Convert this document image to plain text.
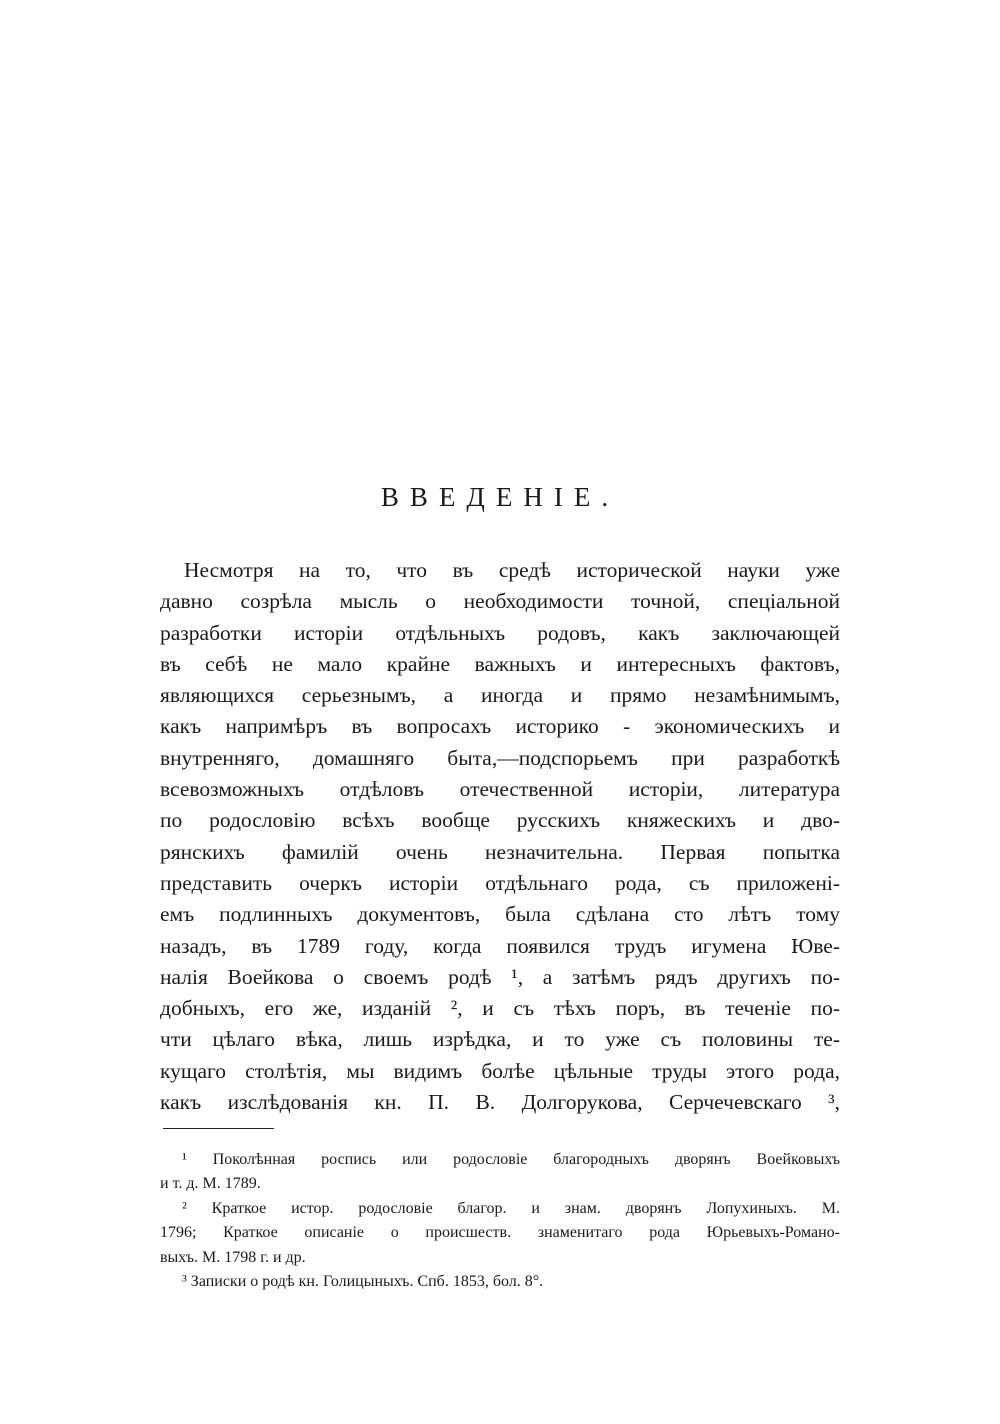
ВВЕДЕНІЕ.
Несмотря на то, что въ средѣ исторической науки уже
давно созрѣла мысль о необходимости точной, спеціальной
разработки исторіи отдѣльныхъ родовъ, какъ заключающей
въ себѣ не мало крайне важныхъ и интересныхъ фактовъ,
являющихся серьезнымъ, а иногда и прямо незамѣнимымъ,
какъ напримѣръ въ вопросахъ историко - экономическихъ и
внутренняго, домашняго быта,—подспорьемъ при разработкѣ
всевозможныхъ отдѣловъ отечественной исторіи, литература
по родословію всѣхъ вообще русскихъ княжескихъ и дво-
рянскихъ фамилій очень незначительна. Первая попытка
представить очеркъ исторіи отдѣльнаго рода, съ приложені-
емъ подлинныхъ документовъ, была сдѣлана сто лѣтъ тому
назадъ, въ 1789 году, когда появился трудъ игумена Юве-
налія Воейкова о своемъ родѣ ¹, а затѣмъ рядъ другихъ по-
добныхъ, его же, изданій ², и съ тѣхъ поръ, въ теченіе по-
чти цѣлаго вѣка, лишь изрѣдка, и то уже съ половины те-
кущаго столѣтія, мы видимъ болѣе цѣльные труды этого рода,
какъ изслѣдованія кн. П. В. Долгорукова, Серчечевскаго ³,
¹ Поколѣнная роспись или родословіе благородныхъ дворянъ Воейковыхъ
и т. д. М. 1789.
² Краткое истор. родословіе благор. и знам. дворянъ Лопухиныхъ. М.
1796; Краткое описаніе о происшеств. знаменитаго рода Юрьевыхъ-Романо-
выхъ. М. 1798 г. и др.
³ Записки о родѣ кн. Голицыныхъ. Спб. 1853, бол. 8°.
